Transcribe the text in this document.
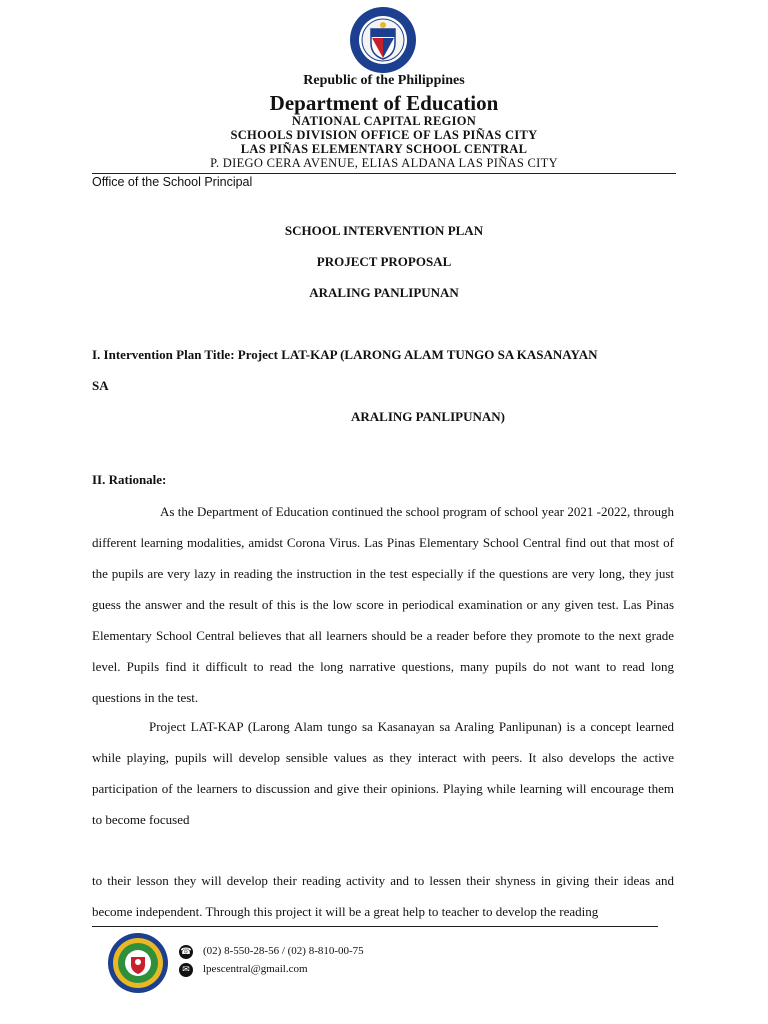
Republic of the Philippines
Department of Education
NATIONAL CAPITAL REGION
SCHOOLS DIVISION OFFICE OF LAS PIÑAS CITY
LAS PIÑAS ELEMENTARY SCHOOL CENTRAL
P. DIEGO CERA AVENUE, ELIAS ALDANA LAS PIÑAS CITY
Office of the School Principal
SCHOOL INTERVENTION PLAN
PROJECT PROPOSAL
ARALING PANLIPUNAN
I. Intervention Plan Title: Project LAT-KAP (LARONG ALAM TUNGO SA KASANAYAN
SA
ARALING PANLIPUNAN)
II. Rationale:

As the Department of Education continued the school program of school year 2021 -2022, through different learning modalities, amidst Corona Virus. Las Pinas Elementary School Central find out that most of the pupils are very lazy in reading the instruction in the test especially if the questions are very long, they just guess the answer and the result of this is the low score in periodical examination or any given test. Las Pinas Elementary School Central believes that all learners should be a reader before they promote to the next grade level. Pupils find it difficult to read the long narrative questions, many pupils do not want to read long questions in the test.

Project LAT-KAP (Larong Alam tungo sa Kasanayan sa Araling Panlipunan) is a concept learned while playing, pupils will develop sensible values as they interact with peers. It also develops the active participation of the learners to discussion and give their opinions. Playing while learning will encourage them to become focused

to their lesson they will develop their reading activity and to lessen their shyness in giving their ideas and become independent. Through this project it will be a great help to teacher to develop the reading

☎ (02) 8-550-28-56 / (02) 8-810-00-75
✉ lpescentral@gmail.com
